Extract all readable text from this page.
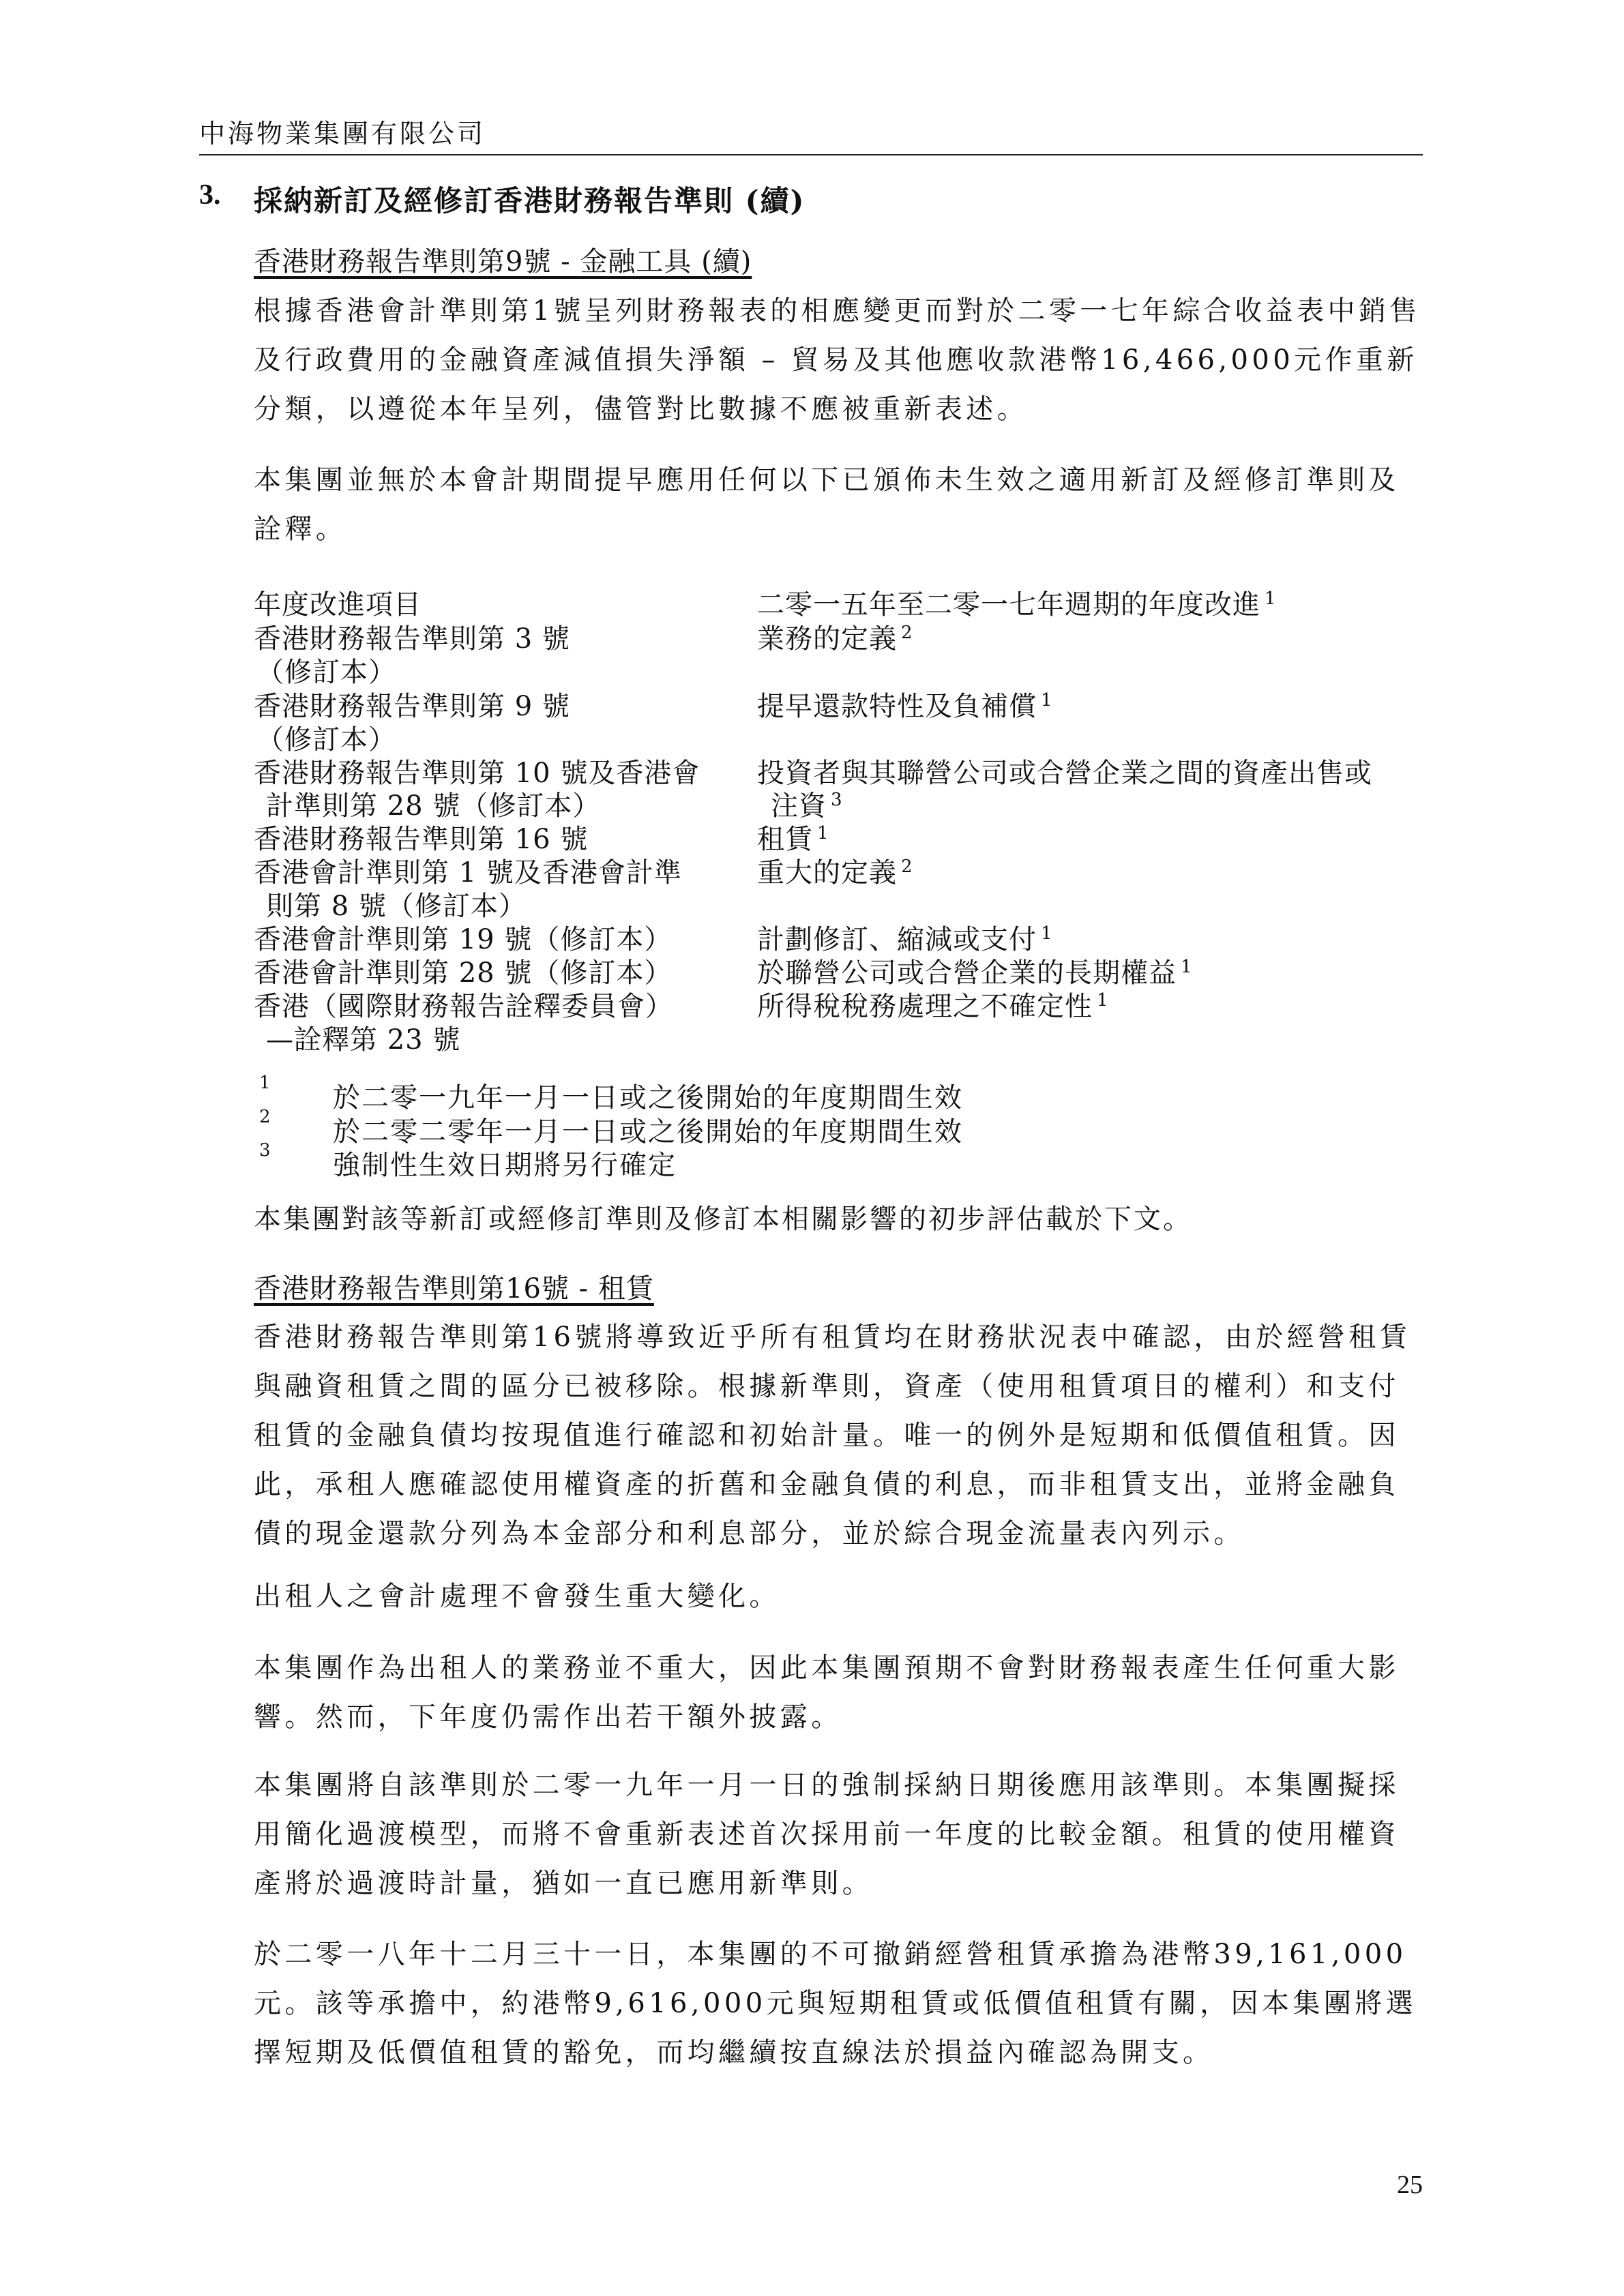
中海物業集團有限公司
3. 採納新訂及經修訂香港財務報告準則 (續)
香港財務報告準則第9號 - 金融工具 (續)
根據香港會計準則第1號呈列財務報表的相應變更而對於二零一七年綜合收益表中銷售及行政費用的金融資產減值損失淨額 – 貿易及其他應收款港幣16,466,000元作重新分類，以遵從本年呈列，儘管對比數據不應被重新表述。
本集團並無於本會計期間提早應用任何以下已頒佈未生效之適用新訂及經修訂準則及詮釋。
年度改進項目
香港財務報告準則第 3 號
（修訂本）
香港財務報告準則第 9 號
（修訂本）
香港財務報告準則第 10 號及香港會
計準則第 28 號（修訂本）
香港財務報告準則第 16 號
香港會計準則第 1 號及香港會計準
則第 8 號（修訂本）
香港會計準則第 19 號（修訂本）
香港會計準則第 28 號（修訂本）
香港（國際財務報告詮釋委員會）
—詮釋第 23 號
二零一五年至二零一七年週期的年度改進 $^1$
業務的定義 $^2$
提早還款特性及負補償 $^1$
投資者與其聯營公司或合營企業之間的資產出售或
注資 $^3$
租賃 $^1$
重大的定義 $^2$
計劃修訂、縮減或支付 $^1$
於聯營公司或合營企業的長期權益 $^1$
所得稅稅務處理之不確定性 $^1$
1 於二零一九年一月一日或之後開始的年度期間生效
2 於二零二零年一月一日或之後開始的年度期間生效
3 強制性生效日期將另行確定
本集團對該等新訂或經修訂準則及修訂本相關影響的初步評估載於下文。
香港財務報告準則第16號 - 租賃
香港財務報告準則第16號將導致近乎所有租賃均在財務狀況表中確認，由於經營租賃與融資租賃之間的區分已被移除。根據新準則，資產（使用租賃項目的權利）和支付租賃的金融負債均按現值進行確認和初始計量。唯一的例外是短期和低價值租賃。因此，承租人應確認使用權資產的折舊和金融負債的利息，而非租賃支出，並將金融負債的現金還款分列為本金部分和利息部分，並於綜合現金流量表內列示。
出租人之會計處理不會發生重大變化。
本集團作為出租人的業務並不重大，因此本集團預期不會對財務報表產生任何重大影響。然而，下年度仍需作出若干額外披露。
本集團將自該準則於二零一九年一月一日的強制採納日期後應用該準則。本集團擬採用簡化過渡模型，而將不會重新表述首次採用前一年度的比較金額。租賃的使用權資產將於過渡時計量，猶如一直已應用新準則。
於二零一八年十二月三十一日，本集團的不可撤銷經營租賃承擔為港幣39,161,000元。該等承擔中，約港幣9,616,000元與短期租賃或低價值租賃有關，因本集團將選擇短期及低價值租賃的豁免，而均繼續按直線法於損益內確認為開支。
25
